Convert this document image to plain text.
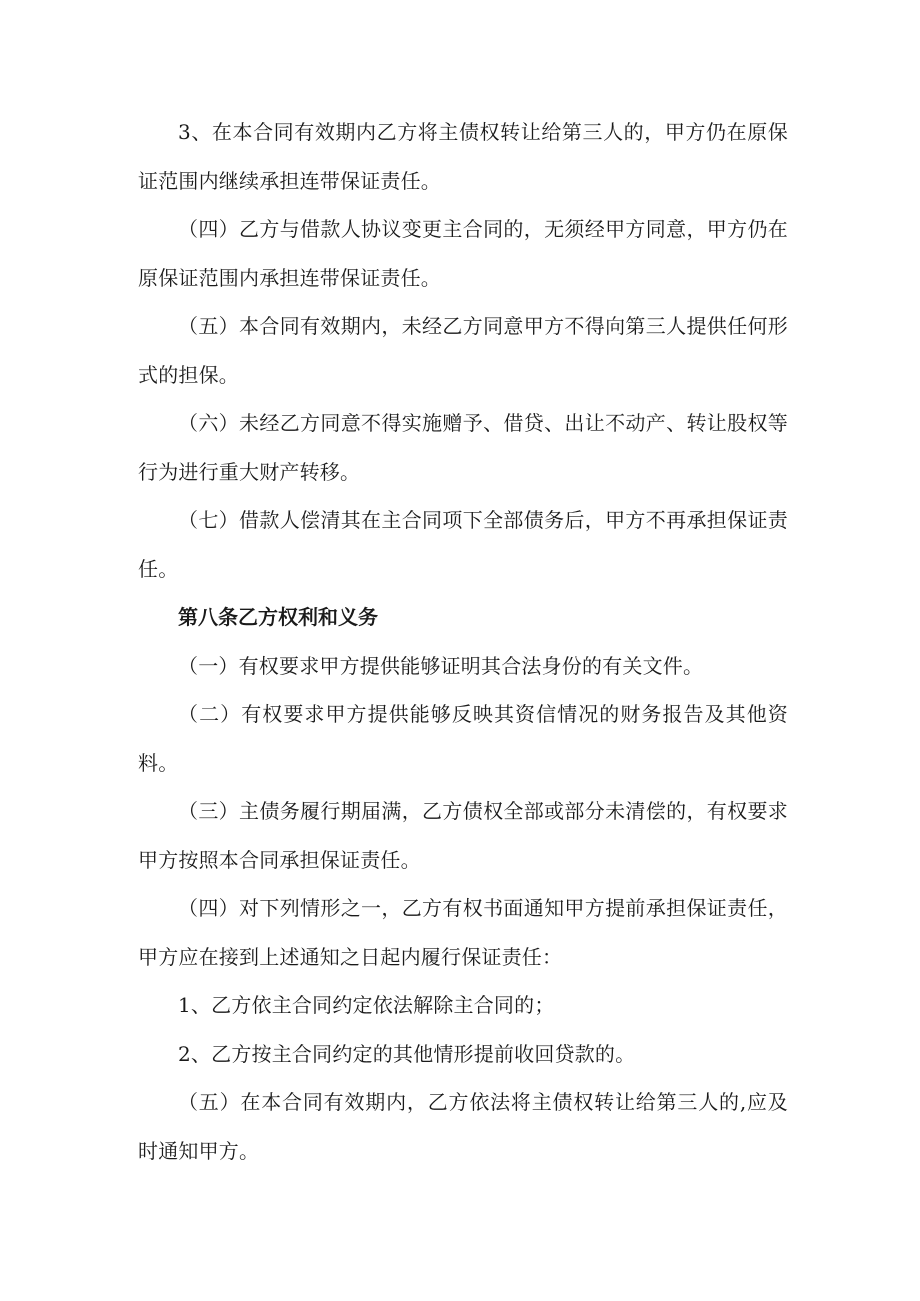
3、在本合同有效期内乙方将主债权转让给第三人的，甲方仍在原保证范围内继续承担连带保证责任。

（四）乙方与借款人协议变更主合同的，无须经甲方同意，甲方仍在原保证范围内承担连带保证责任。

（五）本合同有效期内，未经乙方同意甲方不得向第三人提供任何形式的担保。

（六）未经乙方同意不得实施赠予、借贷、出让不动产、转让股权等行为进行重大财产转移。

（七）借款人偿清其在主合同项下全部债务后，甲方不再承担保证责任。

第八条乙方权利和义务

（一）有权要求甲方提供能够证明其合法身份的有关文件。

（二）有权要求甲方提供能够反映其资信情况的财务报告及其他资料。

（三）主债务履行期届满，乙方债权全部或部分未清偿的，有权要求甲方按照本合同承担保证责任。

（四）对下列情形之一，乙方有权书面通知甲方提前承担保证责任，甲方应在接到上述通知之日起内履行保证责任：

1、乙方依主合同约定依法解除主合同的；

2、乙方按主合同约定的其他情形提前收回贷款的。

（五）在本合同有效期内，乙方依法将主债权转让给第三人的,应及时通知甲方。
